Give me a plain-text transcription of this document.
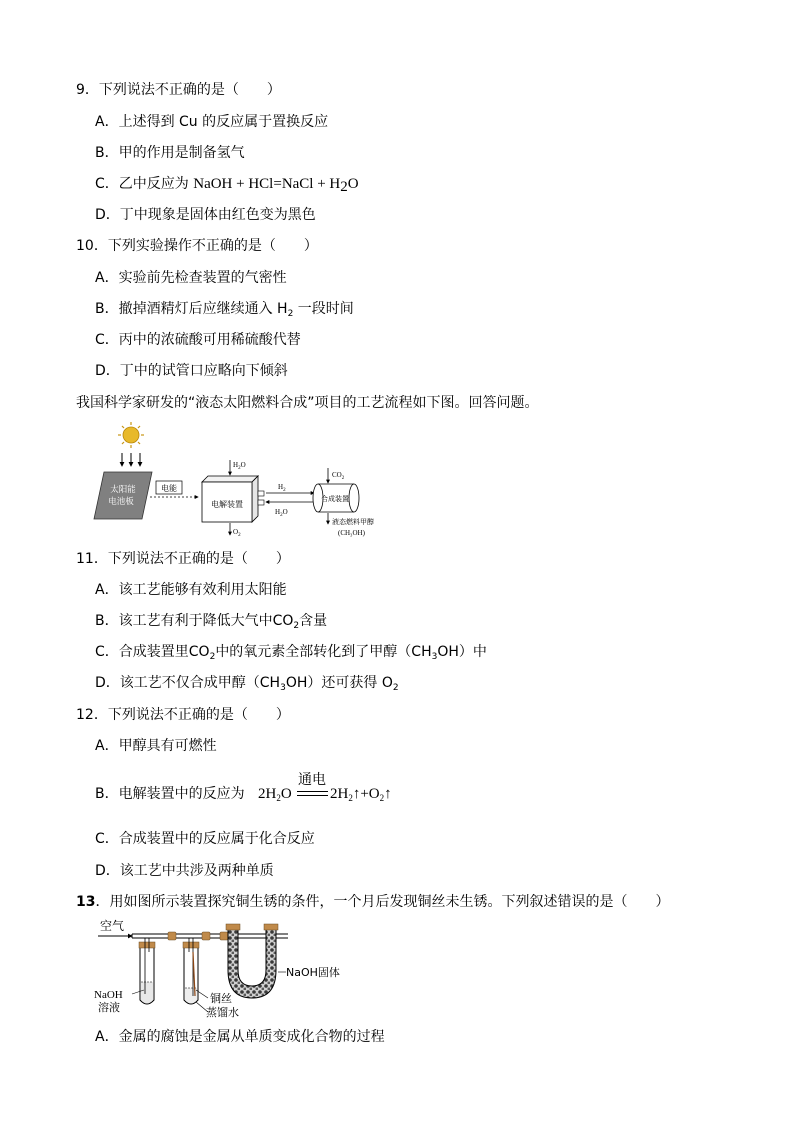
9．下列说法不正确的是（　　）
A．上述得到 Cu 的反应属于置换反应
B．甲的作用是制备氢气
C．乙中反应为 NaOH + HCl=NaCl + $H_2O$
D．丁中现象是固体由红色变为黑色
10．下列实验操作不正确的是（　　）
A．实验前先检查装置的气密性
B．撤掉酒精灯后应继续通入 $H_2$ 一段时间
C．丙中的浓硫酸可用稀硫酸代替
D．丁中的试管口应略向下倾斜
我国科学家研发的“液态太阳燃料合成”项目的工艺流程如下图。回答问题。
太阳能
电池板
电能
电解装置
$H_2O$
$O_2$
$H_2$
$H_2O$
合成装置
$CO_2$
液态燃料甲醇
(CH₃OH)
11．下列说法不正确的是（　　）
A．该工艺能够有效利用太阳能
B．该工艺有利于降低大气中$CO_2$含量
C．合成装置里$CO_2$中的氧元素全部转化到了甲醇$(CH_3OH)$中
D．该工艺不仅合成甲醇$(CH_3OH)$还可获得 $O_2$
12．下列说法不正确的是（　　）
A．甲醇具有可燃性
B．电解装置中的反应为 $2H_2O$
通电
$2H_2↑+O_2↑$
C．合成装置中的反应属于化合反应
D．该工艺中共涉及两种单质
13．用如图所示装置探究铜生锈的条件，一个月后发现铜丝未生锈。下列叙述错误的是（　　）
空气
NaOH固体
NaOH
溶液
铜丝
蒸馏水
A．金属的腐蚀是金属从单质变成化合物的过程
